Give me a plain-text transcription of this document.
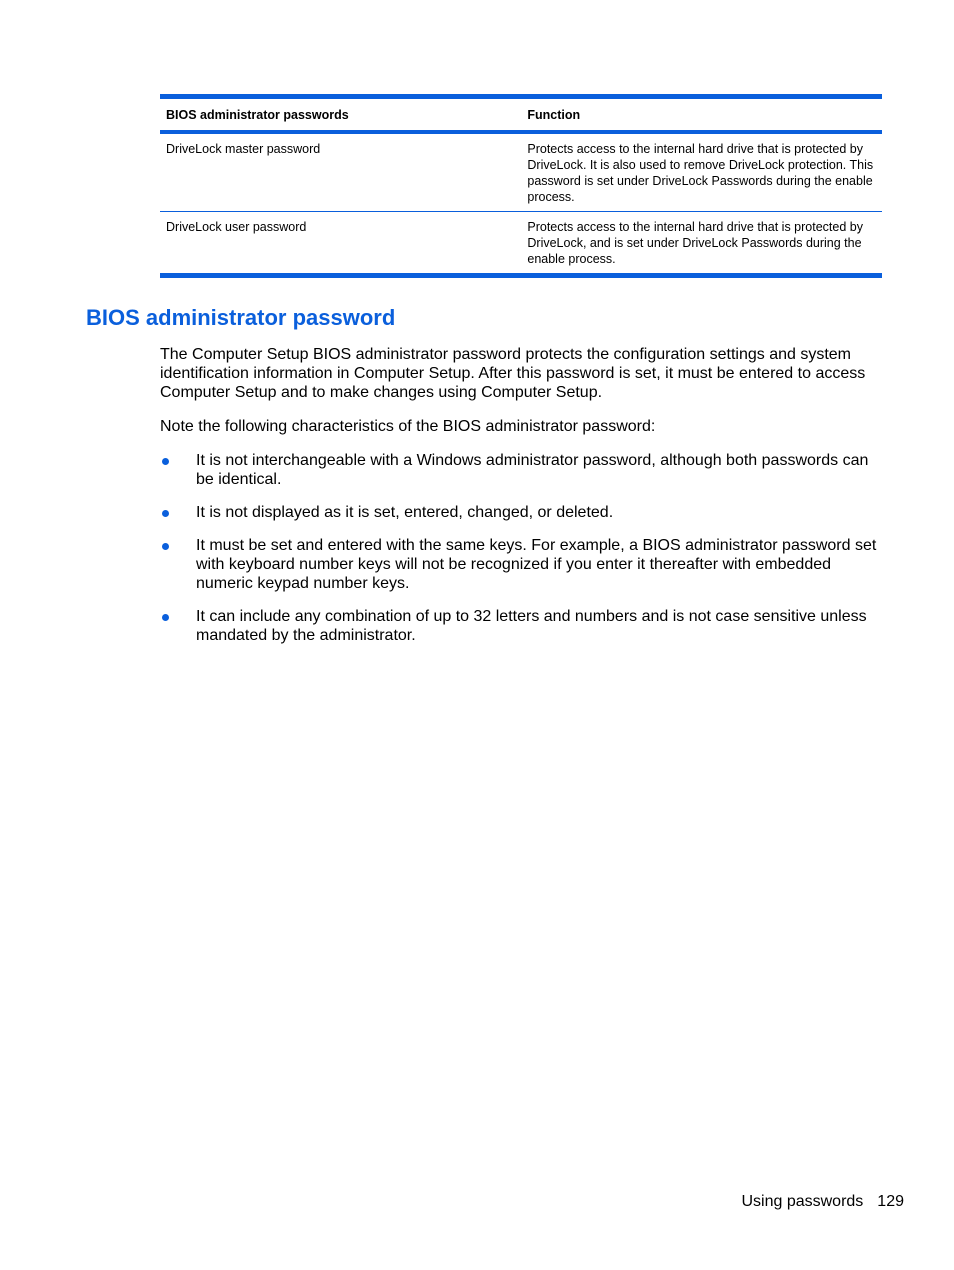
BIOS administrator passwords	Function
DriveLock master password	Protects access to the internal hard drive that is protected by DriveLock. It is also used to remove DriveLock protection. This password is set under DriveLock Passwords during the enable process.
DriveLock user password	Protects access to the internal hard drive that is protected by DriveLock, and is set under DriveLock Passwords during the enable process.
BIOS administrator password

The Computer Setup BIOS administrator password protects the configuration settings and system identification information in Computer Setup. After this password is set, it must be entered to access Computer Setup and to make changes using Computer Setup.

Note the following characteristics of the BIOS administrator password:

It is not interchangeable with a Windows administrator password, although both passwords can be identical.
It is not displayed as it is set, entered, changed, or deleted.
It must be set and entered with the same keys. For example, a BIOS administrator password set with keyboard number keys will not be recognized if you enter it thereafter with embedded numeric keypad number keys.
It can include any combination of up to 32 letters and numbers and is not case sensitive unless mandated by the administrator.
Using passwords 129
